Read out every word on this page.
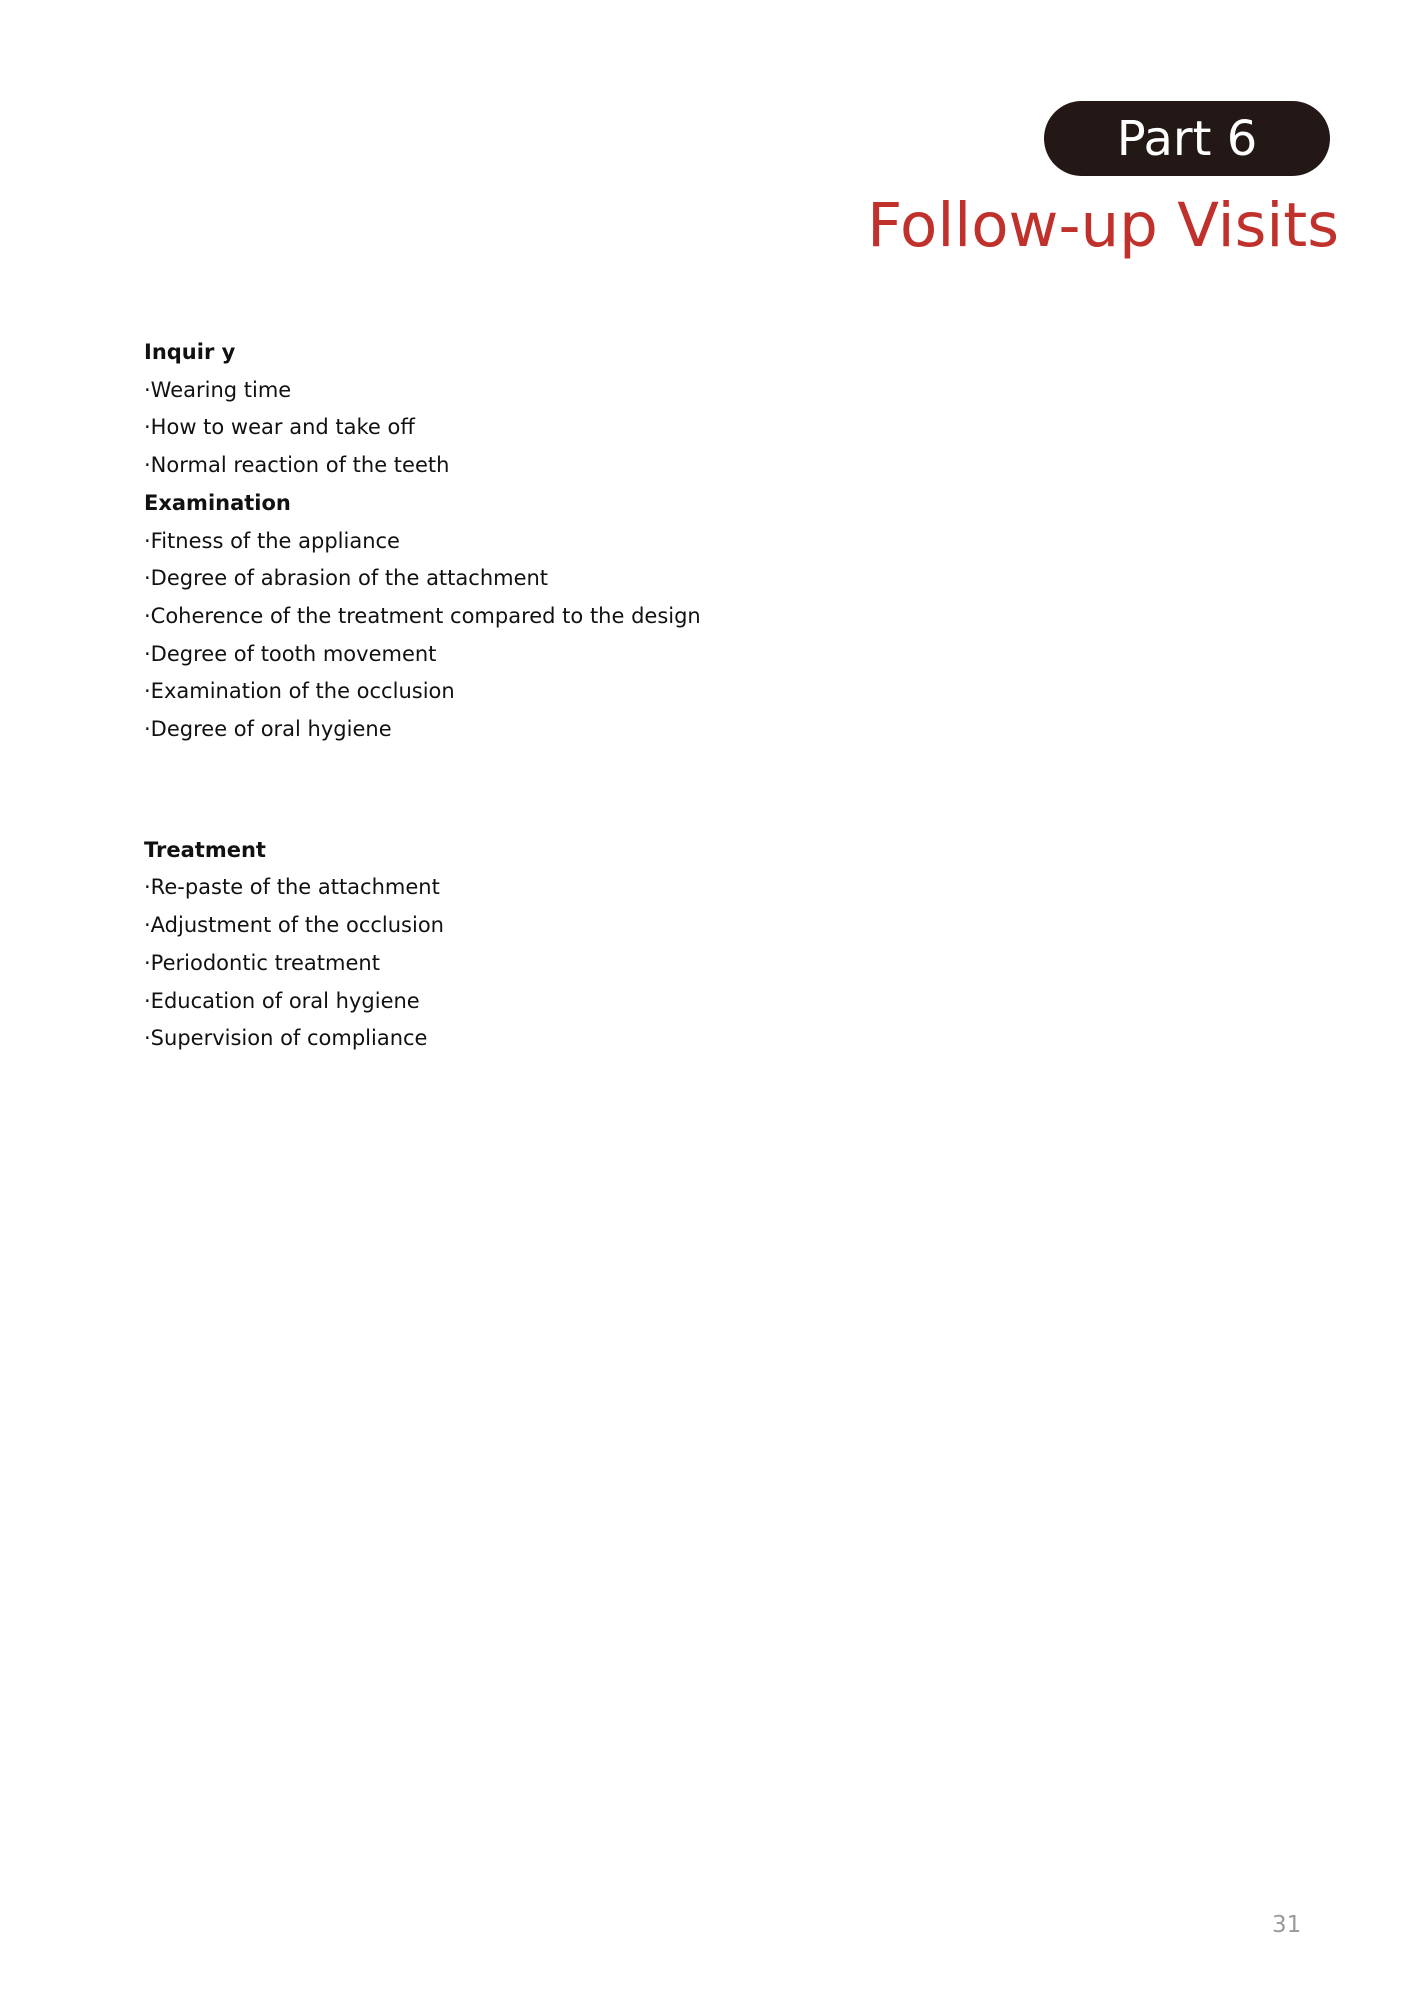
Part 6
Follow-up Visits

Inquir y

·Wearing time
·How to wear and take off
·Normal reaction of the teeth

Examination

·Fitness of the appliance
·Degree of abrasion of the attachment
·Coherence of the treatment compared to the design
·Degree of tooth movement
·Examination of the occlusion
·Degree of oral hygiene

Treatment

·Re-paste of the attachment
·Adjustment of the occlusion
·Periodontic treatment
·Education of oral hygiene
·Supervision of compliance
31
